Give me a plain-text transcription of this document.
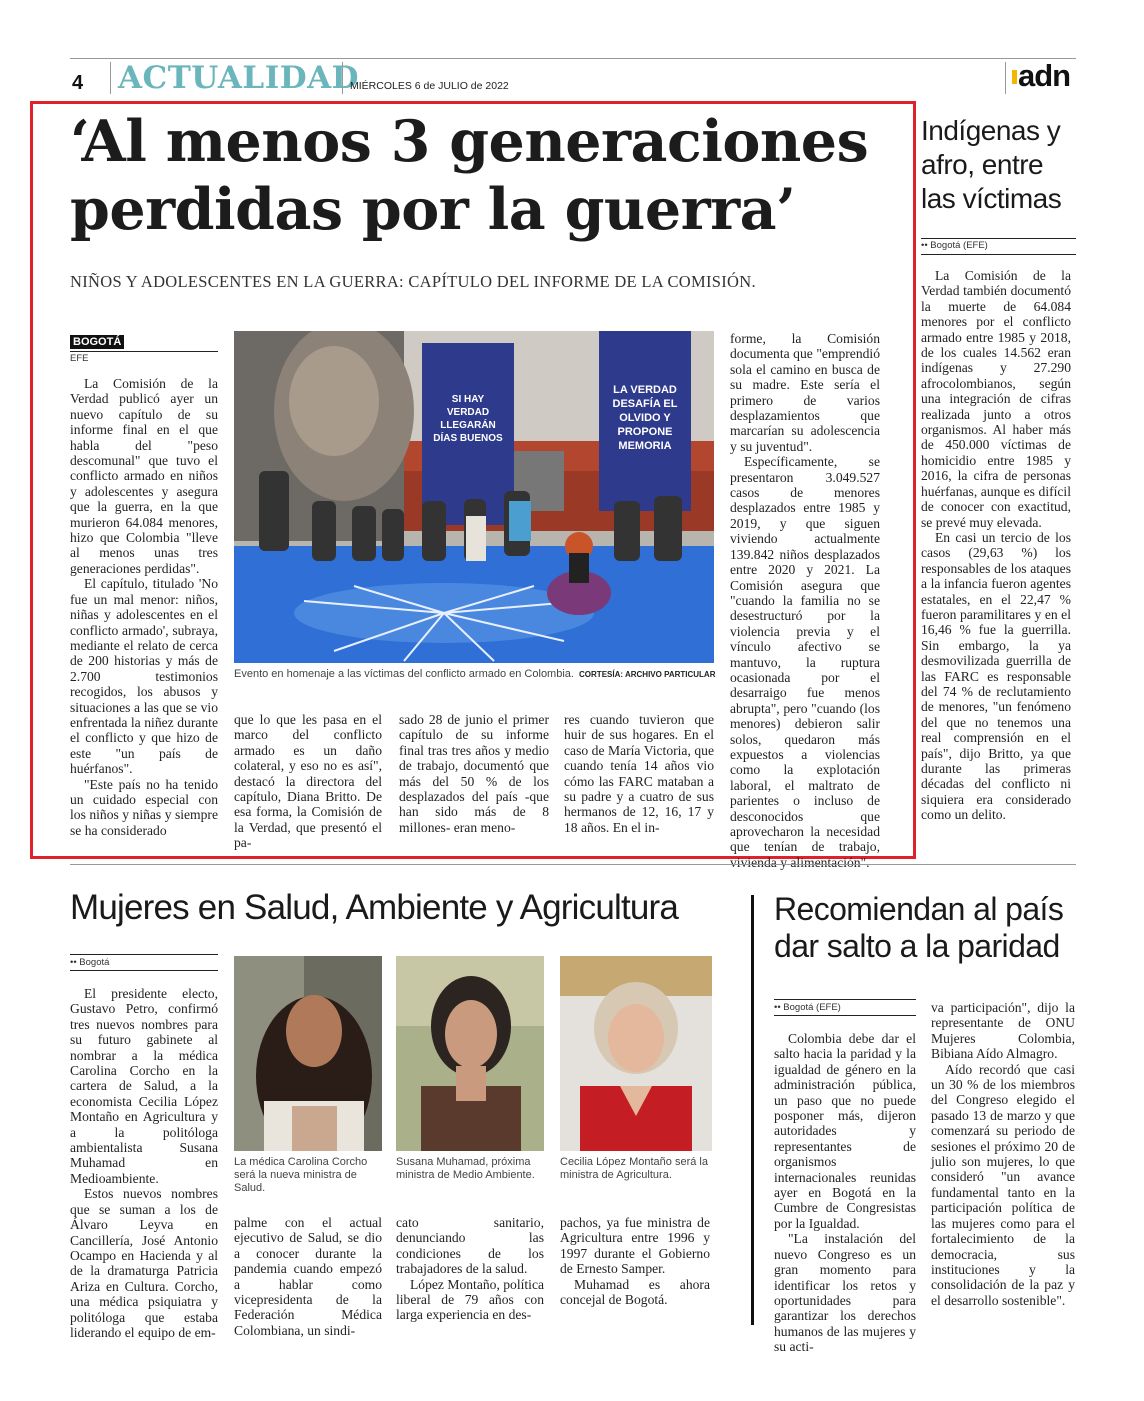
4 ACTUALIDAD
MIÉRCOLES 6 de JULIO de 2022	adn
‘Al menos 3 generaciones
perdidas por la guerra’
NIÑOS Y ADOLESCENTES EN LA GUERRA: CAPÍTULO DEL INFORME DE LA COMISIÓN.
BOGOTÁ
EFE

La Comisión de la Verdad publicó ayer un nuevo capítulo de su informe final en el que habla del "peso descomunal" que tuvo el conflicto armado en niños y adolescentes y asegura que la guerra, en la que murieron 64.084 menores, hizo que Colombia "lleve al menos unas tres generaciones perdidas".

El capítulo, titulado 'No fue un mal menor: niños, niñas y adolescentes en el conflicto armado', subraya, mediante el relato de cerca de 200 historias y más de 2.700 testimonios recogidos, los abusos y situaciones a las que se vio enfrentada la niñez durante el conflicto y que hizo de este "un país de huérfanos".

"Este país no ha tenido un cuidado especial con los niños y niñas y siempre se ha considerado

SI HAY VERDAD LLEGARÁN DÍAS BUENOS
LA VERDAD DESAFÍA EL OLVIDO Y PROPONE MEMORIA
Evento en homenaje a las víctimas del conflicto armado en Colombia. CORTESÍA: ARCHIVO PARTICULAR

que lo que les pasa en el marco del conflicto armado es un daño colateral, y eso no es así", destacó la directora del capítulo, Diana Britto. De esa forma, la Comisión de la Verdad, que presentó el pa-

sado 28 de junio el primer capítulo de su informe final tras tres años y medio de trabajo, documentó que más del 50 % de los desplazados del país -que han sido más de 8 millones- eran meno-

res cuando tuvieron que huir de sus hogares. En el caso de María Victoria, que cuando tenía 14 años vio cómo las FARC mataban a su padre y a cuatro de sus hermanos de 12, 16, 17 y 18 años. En el in-

forme, la Comisión documenta que "emprendió sola el camino en busca de su madre. Este sería el primero de varios desplazamientos que marcarían su adolescencia y su juventud".

Específicamente, se presentaron 3.049.527 casos de menores desplazados entre 1985 y 2019, y que siguen viviendo actualmente 139.842 niños desplazados entre 2020 y 2021. La Comisión asegura que "cuando la familia no se desestructuró por la violencia previa y el vínculo afectivo se mantuvo, la ruptura ocasionada por el desarraigo fue menos abrupta", pero "cuando (los menores) debieron salir solos, quedaron más expuestos a violencias como la explotación laboral, el maltrato de parientes o incluso de desconocidos que aprovecharon la necesidad que tenían de trabajo, vivienda y alimentación".

Indígenas y afro, entre las víctimas
•• Bogotá (EFE)

La Comisión de la Verdad también documentó la muerte de 64.084 menores por el conflicto armado entre 1985 y 2018, de los cuales 14.562 eran indígenas y 27.290 afrocolombianos, según una integración de cifras realizada junto a otros organismos. Al haber más de 450.000 víctimas de homicidio entre 1985 y 2016, la cifra de personas huérfanas, aunque es difícil de conocer con exactitud, se prevé muy elevada.

En casi un tercio de los casos (29,63 %) los responsables de los ataques a la infancia fueron agentes estatales, en el 22,47 % fueron paramilitares y en el 16,46 % fue la guerrilla. Sin embargo, la ya desmovilizada guerrilla de las FARC es responsable del 74 % de reclutamiento de menores, "un fenómeno del que no tenemos una real comprensión en el país", dijo Britto, ya que durante las primeras décadas del conflicto ni siquiera era considerado como un delito.

Mujeres en Salud, Ambiente y Agricultura
•• Bogotá

El presidente electo, Gustavo Petro, confirmó tres nuevos nombres para su futuro gabinete al nombrar a la médica Carolina Corcho en la cartera de Salud, a la economista Cecilia López Montaño en Agricultura y a la politóloga ambientalista Susana Muhamad en Medioambiente.

Estos nuevos nombres que se suman a los de Álvaro Leyva en Cancillería, José Antonio Ocampo en Hacienda y al de la dramaturga Patricia Ariza en Cultura. Corcho, una médica psiquiatra y politóloga que estaba liderando el equipo de em-

La médica Carolina Corcho será la nueva ministra de Salud.
Susana Muhamad, próxima ministra de Medio Ambiente.
Cecilia López Montaño será la ministra de Agricultura.

palme con el actual ejecutivo de Salud, se dio a conocer durante la pandemia cuando empezó a hablar como vicepresidenta de la Federación Médica Colombiana, un sindi-

cato sanitario, denunciando las condiciones de los trabajadores de la salud.

López Montaño, política liberal de 79 años con larga experiencia en des-

pachos, ya fue ministra de Agricultura entre 1996 y 1997 durante el Gobierno de Ernesto Samper.

Muhamad es ahora concejal de Bogotá.

Recomiendan al país dar salto a la paridad
•• Bogotá (EFE)

Colombia debe dar el salto hacia la paridad y la igualdad de género en la administración pública, un paso que no puede posponer más, dijeron autoridades y representantes de organismos internacionales reunidas ayer en Bogotá en la Cumbre de Congresistas por la Igualdad.

"La instalación del nuevo Congreso es un gran momento para identificar los retos y oportunidades para garantizar los derechos humanos de las mujeres y su acti-

va participación", dijo la representante de ONU Mujeres Colombia, Bibiana Aído Almagro.

Aído recordó que casi un 30 % de los miembros del Congreso elegido el pasado 13 de marzo y que comenzará su periodo de sesiones el próximo 20 de julio son mujeres, lo que consideró "un avance fundamental tanto en la participación política de las mujeres como para el fortalecimiento de la democracia, sus instituciones y la consolidación de la paz y el desarrollo sostenible".
